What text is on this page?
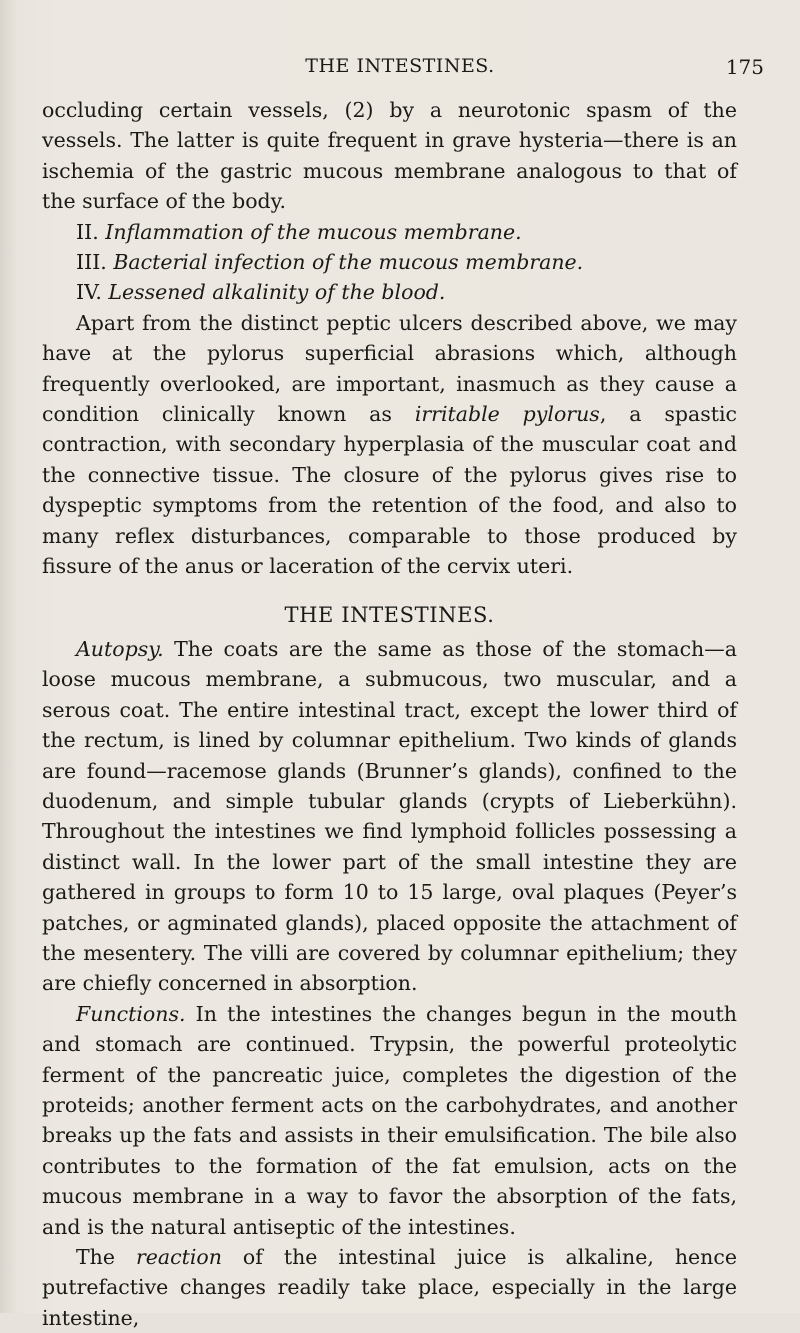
THE INTESTINES.	175

occluding certain vessels, (2) by a neurotonic spasm of the vessels. The latter is quite frequent in grave hysteria—there is an ischemia of the gastric mucous membrane analogous to that of the surface of the body.

II. Inflammation of the mucous membrane.

III. Bacterial infection of the mucous membrane.

IV. Lessened alkalinity of the blood.

Apart from the distinct peptic ulcers described above, we may have at the pylorus superficial abrasions which, although frequently overlooked, are important, inasmuch as they cause a condition clinically known as irritable pylorus, a spastic contraction, with secondary hyperplasia of the muscular coat and the connective tissue. The closure of the pylorus gives rise to dyspeptic symptoms from the retention of the food, and also to many reflex disturbances, comparable to those produced by fissure of the anus or laceration of the cervix uteri.

THE INTESTINES.

Autopsy. The coats are the same as those of the stomach—a loose mucous membrane, a submucous, two muscular, and a serous coat. The entire intestinal tract, except the lower third of the rectum, is lined by columnar epithelium. Two kinds of glands are found—racemose glands (Brunner’s glands), confined to the duodenum, and simple tubular glands (crypts of Lieberkühn). Throughout the intestines we find lymphoid follicles possessing a distinct wall. In the lower part of the small intestine they are gathered in groups to form 10 to 15 large, oval plaques (Peyer’s patches, or agminated glands), placed opposite the attachment of the mesentery. The villi are covered by columnar epithelium; they are chiefly concerned in absorption.

Functions. In the intestines the changes begun in the mouth and stomach are continued. Trypsin, the powerful proteolytic ferment of the pancreatic juice, completes the digestion of the proteids; another ferment acts on the carbohydrates, and another breaks up the fats and assists in their emulsification. The bile also contributes to the formation of the fat emulsion, acts on the mucous membrane in a way to favor the absorption of the fats, and is the natural antiseptic of the intestines.

The reaction of the intestinal juice is alkaline, hence putrefactive changes readily take place, especially in the large intestine,
